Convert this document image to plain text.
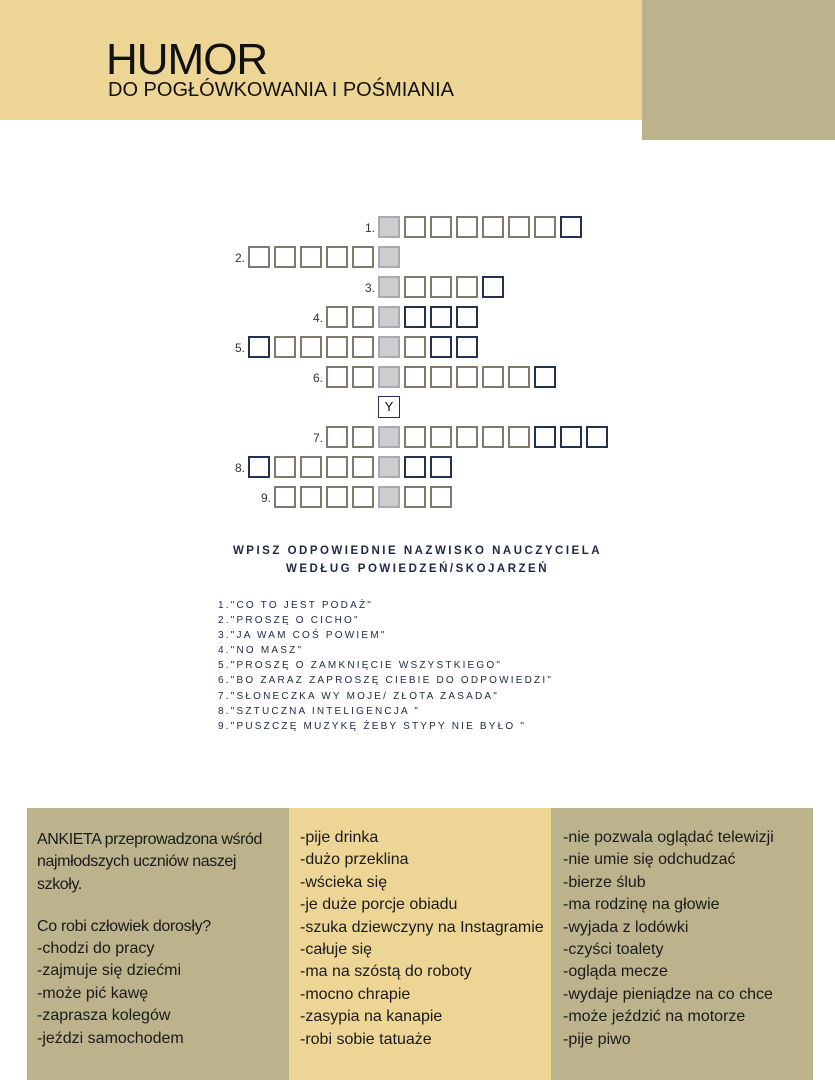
HUMOR
DO POGŁÓWKOWANIA I POŚMIANIA
1.
2.
3.
4.
5.
6.
7.
8.
9.
Y
WPISZ ODPOWIEDNIE NAZWISKO NAUCZYCIELA
WEDŁUG POWIEDZEŃ/SKOJARZEŃ
1."CO TO JEST PODAŻ"
2."PROSZĘ O CICHO"
3."JA WAM COŚ POWIEM"
4."NO MASZ"
5."PROSZĘ O ZAMKNIĘCIE WSZYSTKIEGO"
6."BO ZARAZ ZAPROSZĘ CIEBIE DO ODPOWIEDZI"
7."SŁONECZKA WY MOJE/ ZŁOTA ZASADA"
8."SZTUCZNA INTELIGENCJA "
9."PUSZCZĘ MUZYKĘ ŻEBY STYPY NIE BYŁO "

ANKIETA przeprowadzona wśród najmłodszych uczniów naszej szkoły.

Co robi człowiek dorosły?

-chodzi do pracy
-zajmuje się dziećmi
-może pić kawę
-zaprasza kolegów
-jeździ samochodem
-pije drinka
-dużo przeklina
-wścieka się
-je duże porcje obiadu
-szuka dziewczyny na Instagramie
-całuje się
-ma na szóstą do roboty
-mocno chrapie
-zasypia na kanapie
-robi sobie tatuaże
-nie pozwala oglądać telewizji
-nie umie się odchudzać
-bierze ślub
-ma rodzinę na głowie
-wyjada z lodówki
-czyści toalety
-ogląda mecze
-wydaje pieniądze na co chce
-może jeździć na motorze
-pije piwo
